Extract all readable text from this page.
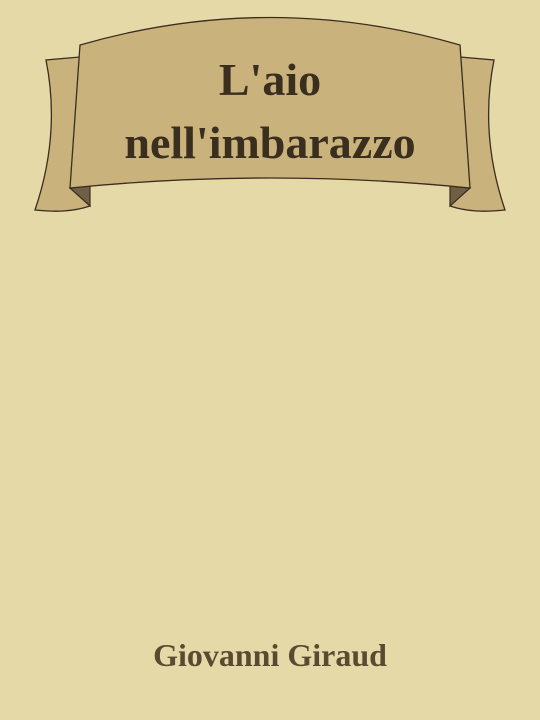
L'aio
nell'imbarazzo
Giovanni Giraud
